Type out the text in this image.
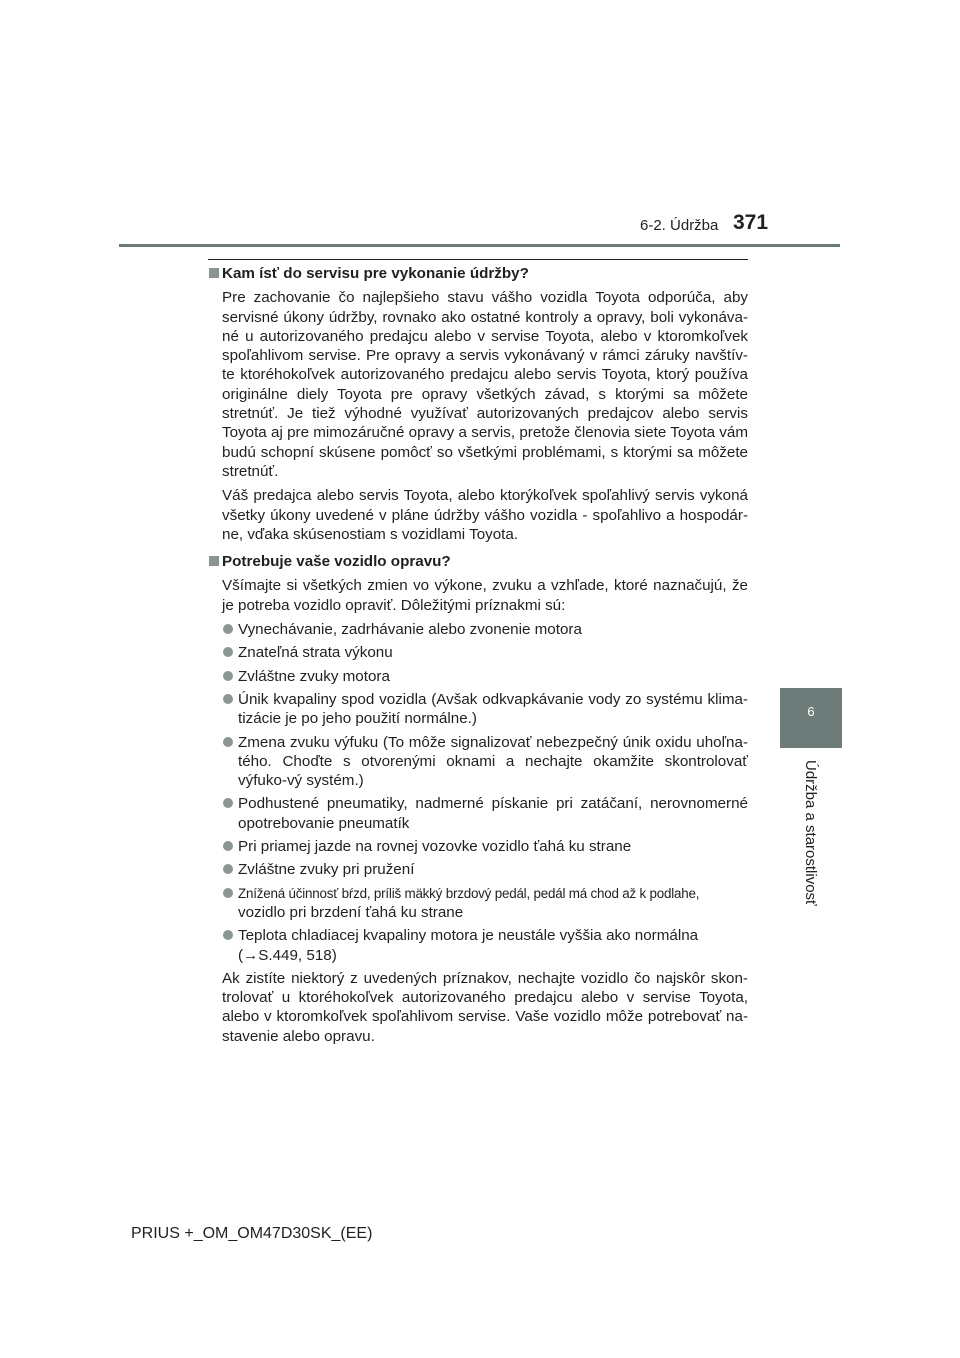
6-2. Údržba 371
6
Údržba a starostlivosť
Kam ísť do servisu pre vykonanie údržby?

Pre zachovanie čo najlepšieho stavu vášho vozidla Toyota odporúča, aby servisné úkony údržby, rovnako ako ostatné kontroly a opravy, boli vykonáva-né u autorizovaného predajcu alebo v servise Toyota, alebo v ktoromkoľvek spoľahlivom servise. Pre opravy a servis vykonávaný v rámci záruky navštív-te ktoréhokoľvek autorizovaného predajcu alebo servis Toyota, ktorý používa originálne diely Toyota pre opravy všetkých závad, s ktorými sa môžete stretnúť. Je tiež výhodné využívať autorizovaných predajcov alebo servis Toyota aj pre mimozáručné opravy a servis, pretože členovia siete Toyota vám budú schopní skúsene pomôcť so všetkými problémami, s ktorými sa môžete stretnúť.

Váš predajca alebo servis Toyota, alebo ktorýkoľvek spoľahlivý servis vykoná všetky úkony uvedené v pláne údržby vášho vozidla - spoľahlivo a hospodár-ne, vďaka skúsenostiam s vozidlami Toyota.

Potrebuje vaše vozidlo opravu?

Všímajte si všetkých zmien vo výkone, zvuku a vzhľade, ktoré naznačujú, že je potreba vozidlo opraviť. Dôležitými príznakmi sú:

Vynechávanie, zadrhávanie alebo zvonenie motora
Znateľná strata výkonu
Zvláštne zvuky motora
Únik kvapaliny spod vozidla (Avšak odkvapkávanie vody zo systému klima-tizácie je po jeho použití normálne.)
Zmena zvuku výfuku (To môže signalizovať nebezpečný únik oxidu uhoľna-tého. Choďte s otvorenými oknami a nechajte okamžite skontrolovať výfuko-vý systém.)
Podhustené pneumatiky, nadmerné pískanie pri zatáčaní, nerovnomerné opotrebovanie pneumatík
Pri priamej jazde na rovnej vozovke vozidlo ťahá ku strane
Zvláštne zvuky pri pružení
Znížená účinnosť bŕzd, príliš mäkký brzdový pedál, pedál má chod až k podlahe,
vozidlo pri brzdení ťahá ku strane
Teplota chladiacej kvapaliny motora je neustále vyššia ako normálna
(→S.449, 518)

Ak zistíte niektorý z uvedených príznakov, nechajte vozidlo čo najskôr skon-trolovať u ktoréhokoľvek autorizovaného predajcu alebo v servise Toyota, alebo v ktoromkoľvek spoľahlivom servise. Vaše vozidlo môže potrebovať na-stavenie alebo opravu.

PRIUS +_OM_OM47D30SK_(EE)
